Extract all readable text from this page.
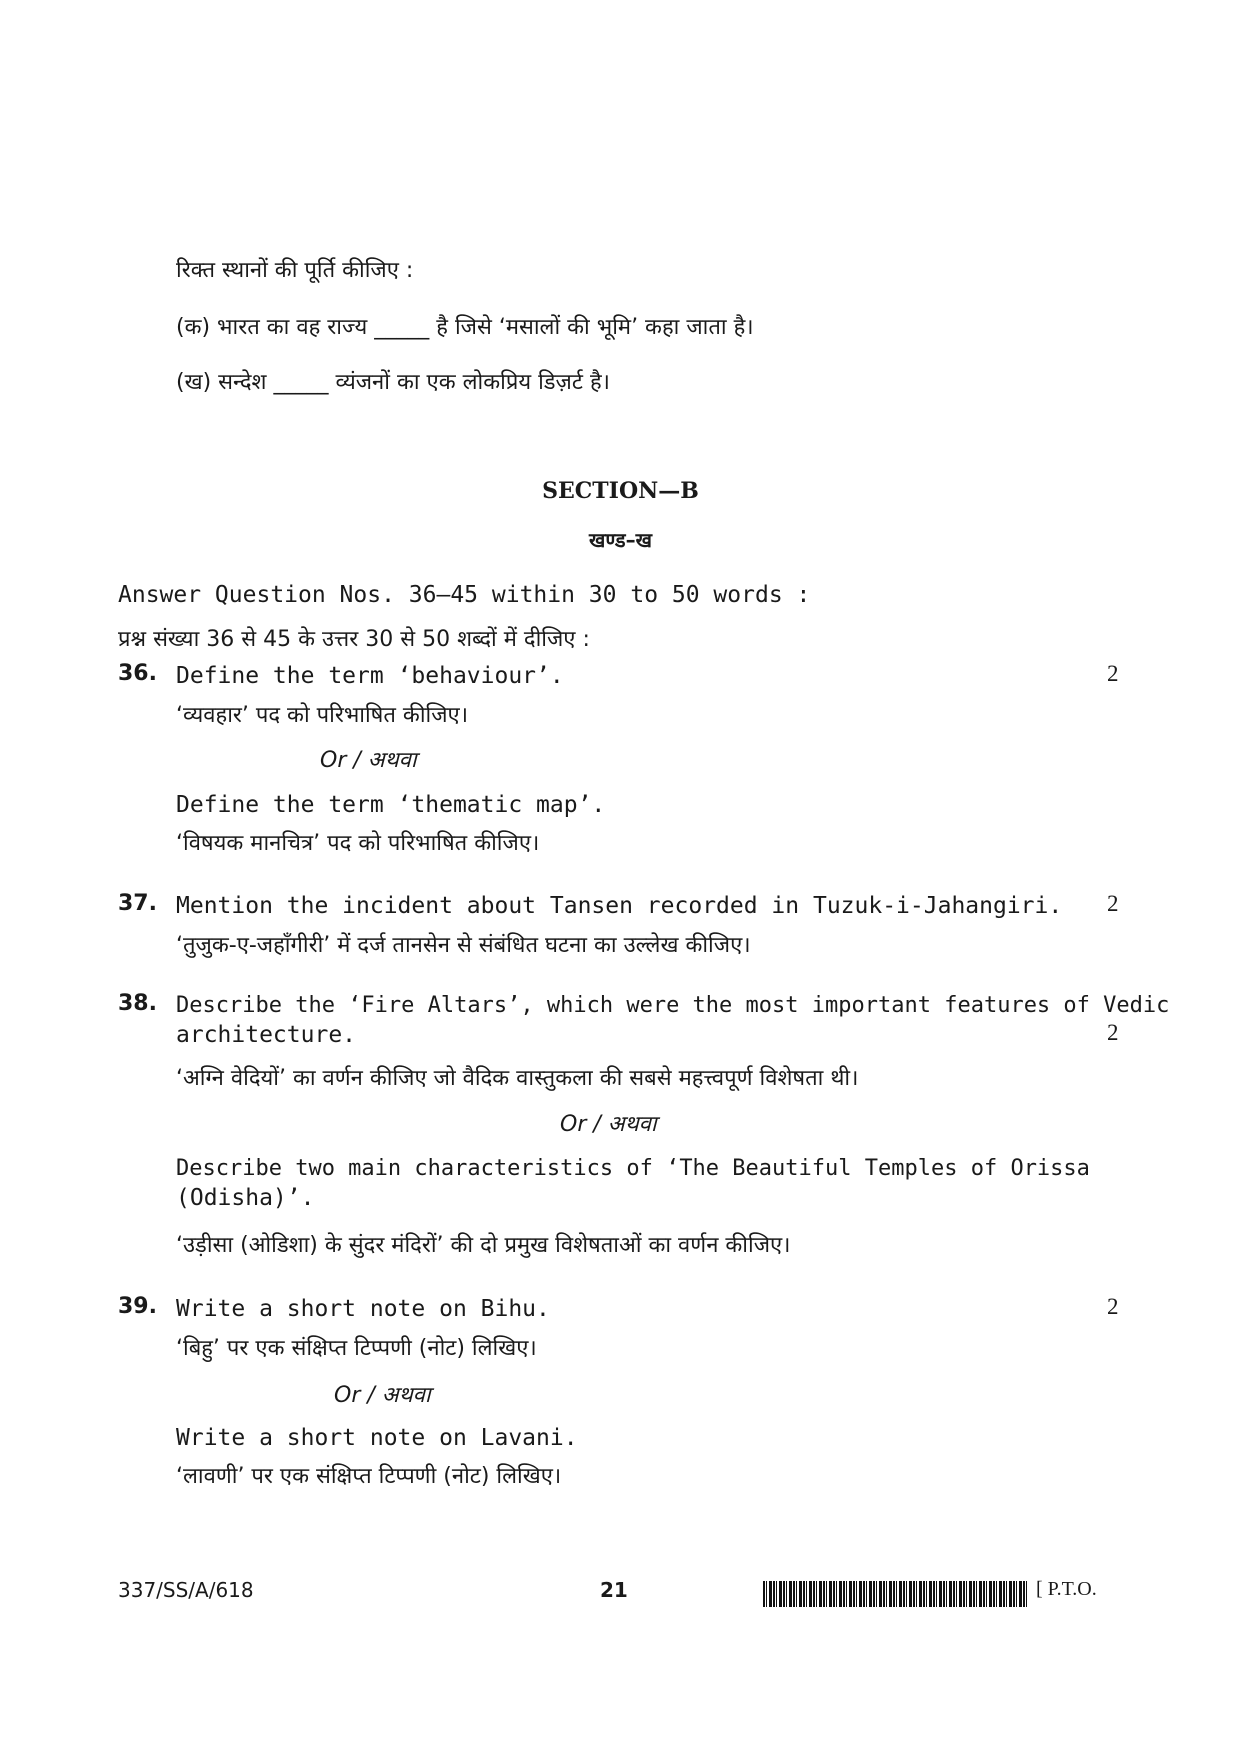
रिक्त स्थानों की पूर्ति कीजिए :
(क) भारत का वह राज्य _____ है जिसे ‘मसालों की भूमि’ कहा जाता है।
(ख) सन्देश _____ व्यंजनों का एक लोकप्रिय डिज़र्ट है।
SECTION—B
खण्ड–ख
Answer Question Nos. 36–45 within 30 to 50 words :
प्रश्न संख्या 36 से 45 के उत्तर 30 से 50 शब्दों में दीजिए :
36. Define the term ‘behaviour’.	2
‘व्यवहार’ पद को परिभाषित कीजिए।
Or / अथवा
Define the term ‘thematic map’.
‘विषयक मानचित्र’ पद को परिभाषित कीजिए।
37. Mention the incident about Tansen recorded in Tuzuk-i-Jahangiri. 2
‘तुजुक-ए-जहाँगीरी’ में दर्ज तानसेन से संबंधित घटना का उल्लेख कीजिए।
38. Describe the ‘Fire Altars’, which were the most important features of Vedic
architecture.	2
‘अग्नि वेदियों’ का वर्णन कीजिए जो वैदिक वास्तुकला की सबसे महत्त्वपूर्ण विशेषता थी।
Or / अथवा
Describe two main characteristics of ‘The Beautiful Temples of Orissa
(Odisha)’.
‘उड़ीसा (ओडिशा) के सुंदर मंदिरों’ की दो प्रमुख विशेषताओं का वर्णन कीजिए।
39. Write a short note on Bihu.	2
‘बिहु’ पर एक संक्षिप्त टिप्पणी (नोट) लिखिए।
Or / अथवा
Write a short note on Lavani.
‘लावणी’ पर एक संक्षिप्त टिप्पणी (नोट) लिखिए।
337/SS/A/618	21	[ P.T.O.
